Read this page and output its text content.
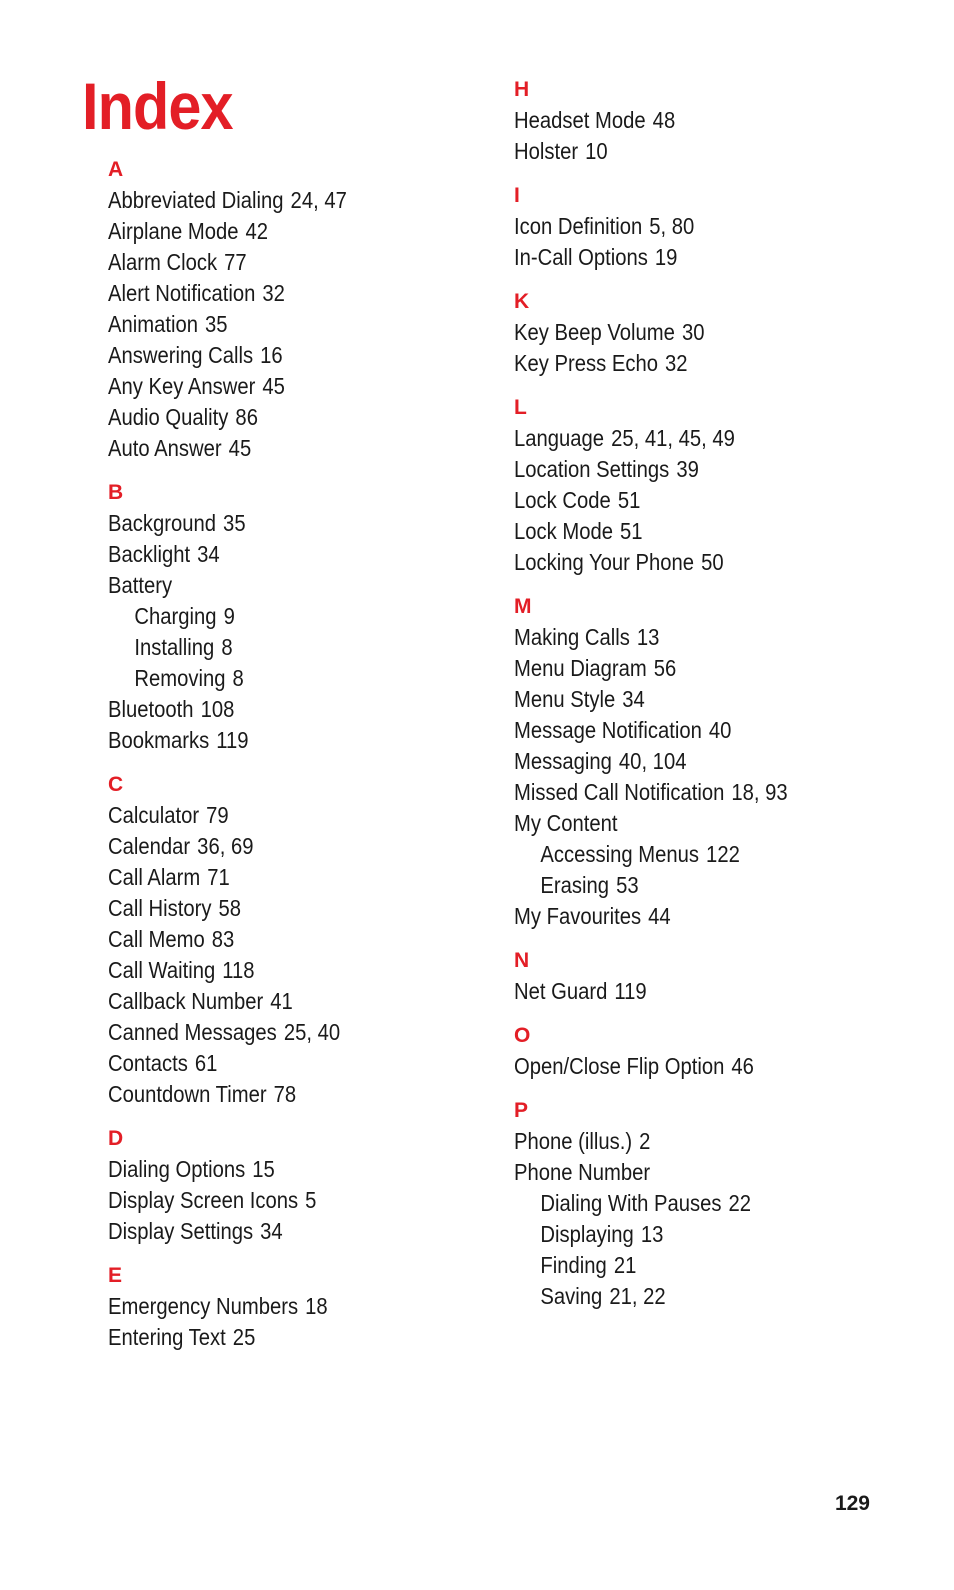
Index
A
Abbreviated Dialing 24, 47
Airplane Mode 42
Alarm Clock 77
Alert Notification 32
Animation 35
Answering Calls 16
Any Key Answer 45
Audio Quality 86
Auto Answer 45
B
Background 35
Backlight 34
Battery
Charging 9
Installing 8
Removing 8
Bluetooth 108
Bookmarks 119
C
Calculator 79
Calendar 36, 69
Call Alarm 71
Call History 58
Call Memo 83
Call Waiting 118
Callback Number 41
Canned Messages 25, 40
Contacts 61
Countdown Timer 78
D
Dialing Options 15
Display Screen Icons 5
Display Settings 34
E
Emergency Numbers 18
Entering Text 25
H
Headset Mode 48
Holster 10
I
Icon Definition 5, 80
In-Call Options 19
K
Key Beep Volume 30
Key Press Echo 32
L
Language 25, 41, 45, 49
Location Settings 39
Lock Code 51
Lock Mode 51
Locking Your Phone 50
M
Making Calls 13
Menu Diagram 56
Menu Style 34
Message Notification 40
Messaging 40, 104
Missed Call Notification 18, 93
My Content
Accessing Menus 122
Erasing 53
My Favourites 44
N
Net Guard 119
O
Open/Close Flip Option 46
P
Phone (illus.) 2
Phone Number
Dialing With Pauses 22
Displaying 13
Finding 21
Saving 21, 22
129
